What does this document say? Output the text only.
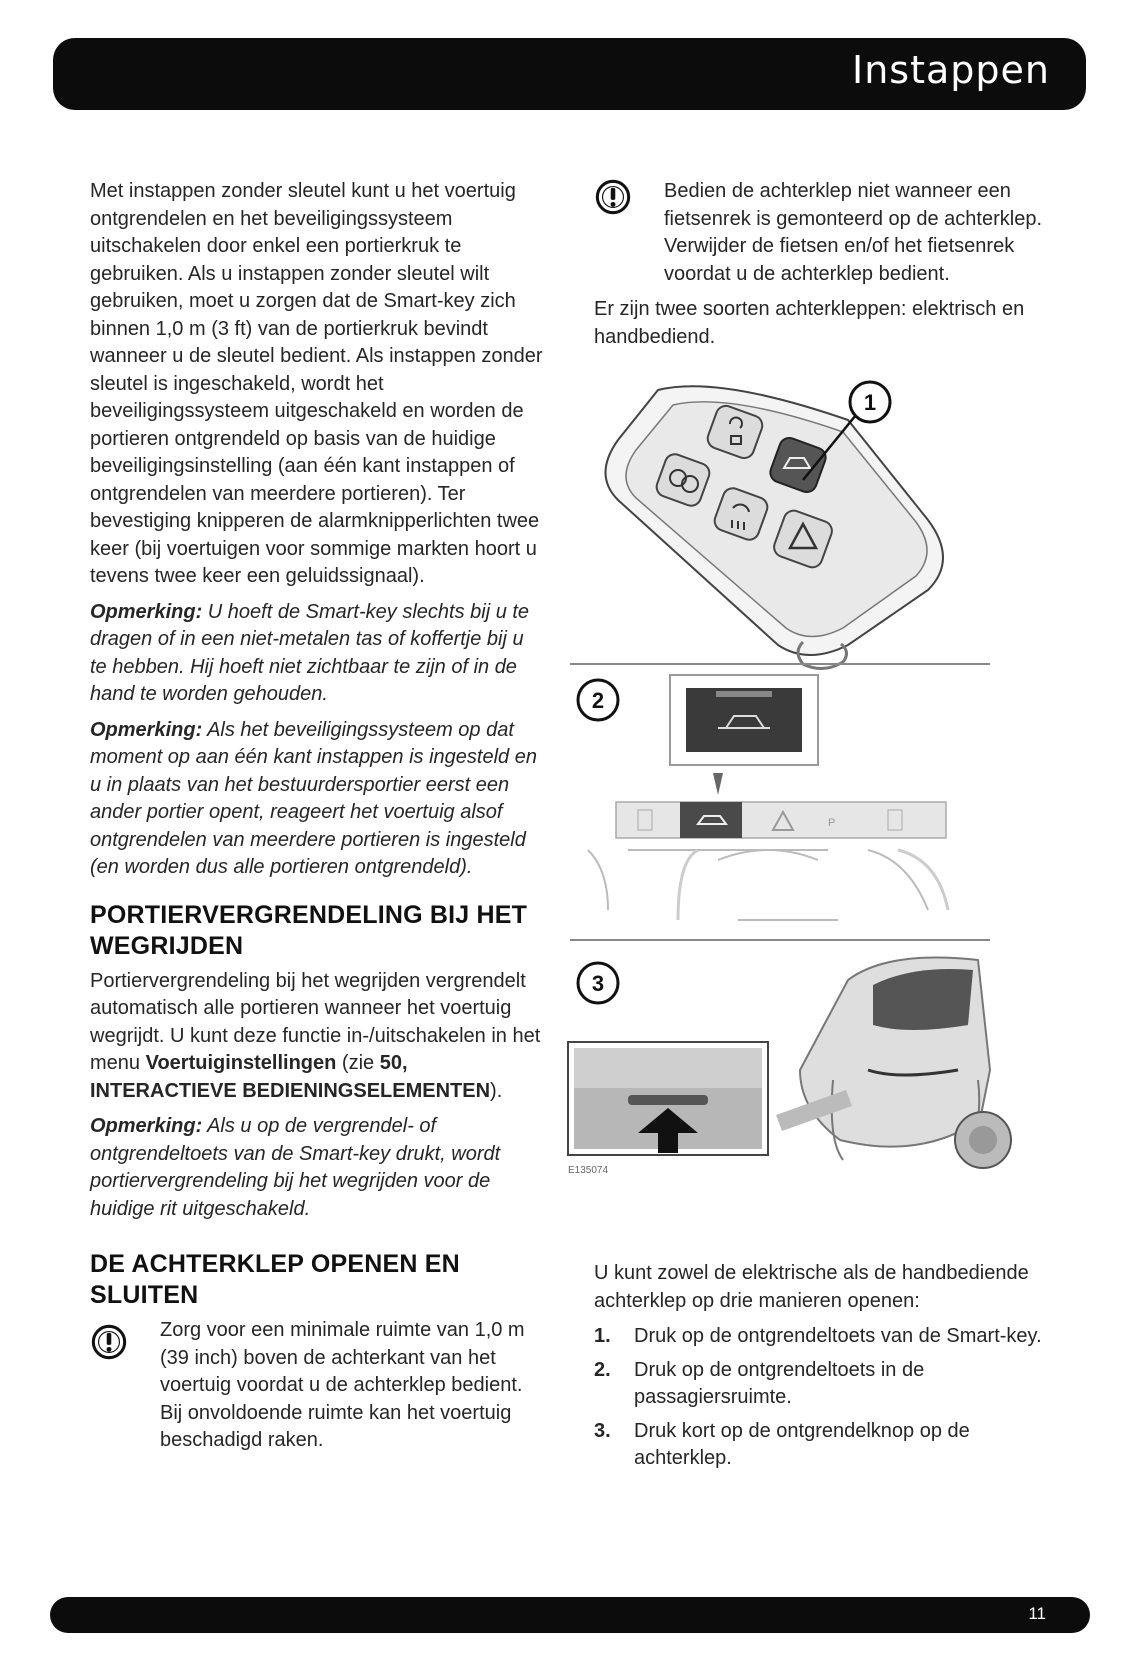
Instappen

Met instappen zonder sleutel kunt u het voertuig ontgrendelen en het beveiligingssysteem uitschakelen door enkel een portierkruk te gebruiken. Als u instappen zonder sleutel wilt gebruiken, moet u zorgen dat de Smart-key zich binnen 1,0 m (3 ft) van de portierkruk bevindt wanneer u de sleutel bedient. Als instappen zonder sleutel is ingeschakeld, wordt het beveiligingssysteem uitgeschakeld en worden de portieren ontgrendeld op basis van de huidige beveiligingsinstelling (aan één kant instappen of ontgrendelen van meerdere portieren). Ter bevestiging knipperen de alarmknipperlichten twee keer (bij voertuigen voor sommige markten hoort u tevens twee keer een geluidssignaal).

Opmerking: U hoeft de Smart-key slechts bij u te dragen of in een niet-metalen tas of koffertje bij u te hebben. Hij hoeft niet zichtbaar te zijn of in de hand te worden gehouden.

Opmerking: Als het beveiligingssysteem op dat moment op aan één kant instappen is ingesteld en u in plaats van het bestuurdersportier eerst een ander portier opent, reageert het voertuig alsof ontgrendelen van meerdere portieren is ingesteld (en worden dus alle portieren ontgrendeld).

PORTIERVERGRENDELING BIJ HET WEGRIJDEN

Portiervergrendeling bij het wegrijden vergrendelt automatisch alle portieren wanneer het voertuig wegrijdt. U kunt deze functie in-/uitschakelen in het menu Voertuiginstellingen (zie 50, INTERACTIEVE BEDIENINGSELEMENTEN).

Opmerking: Als u op de vergrendel- of ontgrendeltoets van de Smart-key drukt, wordt portiervergrendeling bij het wegrijden voor de huidige rit uitgeschakeld.

DE ACHTERKLEP OPENEN EN SLUITEN
Zorg voor een minimale ruimte van 1,0 m (39 inch) boven de achterkant van het voertuig voordat u de achterklep bedient. Bij onvoldoende ruimte kan het voertuig beschadigd raken.
Bedien de achterklep niet wanneer een fietsenrek is gemonteerd op de achterklep. Verwijder de fietsen en/of het fietsenrek voordat u de achterklep bedient.

Er zijn twee soorten achterkleppen: elektrisch en handbediend.

1
2
P
3
E135074

U kunt zowel de elektrische als de handbediende achterklep op drie manieren openen:

1. Druk op de ontgrendeltoets van de Smart-key.
2. Druk op de ontgrendeltoets in de passagiersruimte.
3. Druk kort op de ontgrendelknop op de achterklep.
11
